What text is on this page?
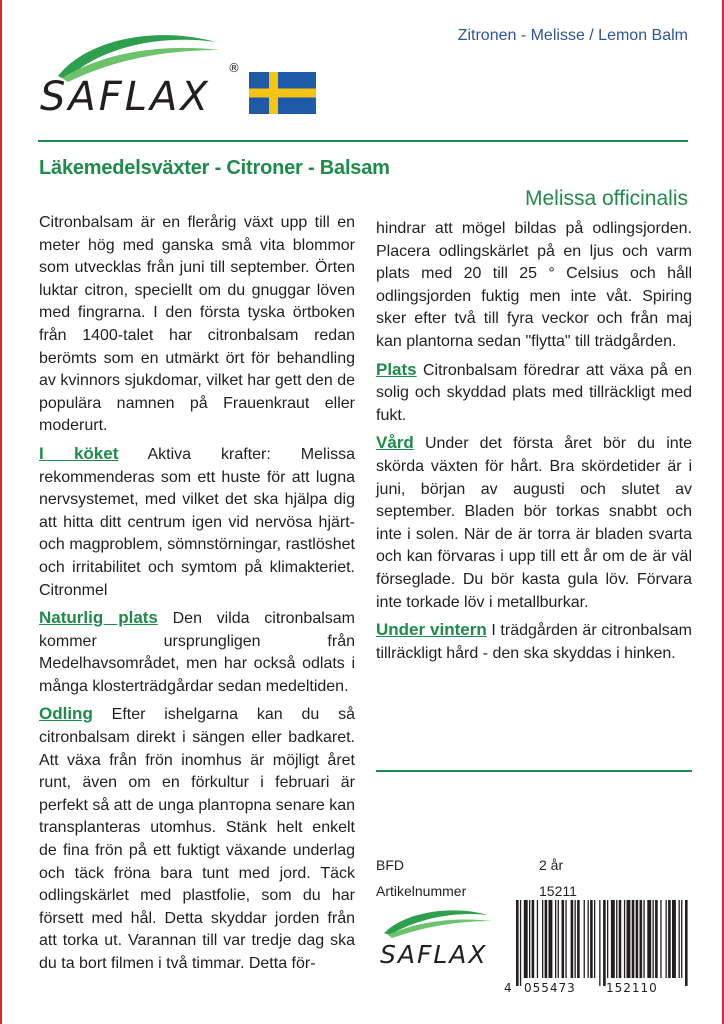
Zitronen - Melisse / Lemon Balm
SAFLAX
®
Läkemedelsväxter - Citroner - Balsam
Melissa officinalis

Citronbalsam är en flerårig växt upp till en meter hög med ganska små vita blommor som utvecklas från juni till september. Örten luktar citron, speciellt om du gnuggar löven med fingrarna. I den första tyska örtboken från 1400-talet har citronbalsam redan berömts som en utmärkt ört för behandling av kvinnors sjukdomar, vilket har gett den de populära namnen på Frauenkraut eller moderurt.

I köket Aktiva krafter: Melissa rekommenderas som ett huste för att lugna nervsystemet, med vilket det ska hjälpa dig att hitta ditt centrum igen vid nervösa hjärt- och magproblem, sömnstörningar, rastlöshet och irritabilitet och symtom på klimakteriet. Citronmel

Naturlig plats Den vilda citronbalsam kommer ursprungligen från Medelhavsområdet, men har också odlats i många klosterträdgårdar sedan medeltiden.

Odling Efter ishelgarna kan du så citronbalsam direkt i sängen eller badkaret. Att växa från frön inomhus är möjligt året runt, även om en förkultur i februari är perfekt så att de unga planторna senare kan transplanteras utomhus. Stänk helt enkelt de fina frön på ett fuktigt växande underlag och täck fröna bara tunt med jord. Täck odlingskärlet med plastfolie, som du har försett med hål. Detta skyddar jorden från att torka ut. Varannan till var tredje dag ska du ta bort filmen i två timmar. Detta för-

hindrar att mögel bildas på odlingsjorden. Placera odlingskärlet på en ljus och varm plats med 20 till 25 ° Celsius och håll odlingsjorden fuktig men inte våt. Spiring sker efter två till fyra veckor och från maj kan plantorna sedan "flytta" till trädgården.

Plats Citronbalsam föredrar att växa på en solig och skyddad plats med tillräckligt med fukt.

Vård Under det första året bör du inte skörda växten för hårt. Bra skördetider är i juni, början av augusti och slutet av september. Bladen bör torkas snabbt och inte i solen. När de är torra är bladen svarta och kan förvaras i upp till ett år om de är väl förseglade. Du bör kasta gula löv. Förvara inte torkade löv i metallburkar.

Under vintern I trädgården är citronbalsam tillräckligt hård - den ska skyddas i hinken.

BFD	2 år
Artikelnummer	15211
SAFLAX
4 055473	152110
